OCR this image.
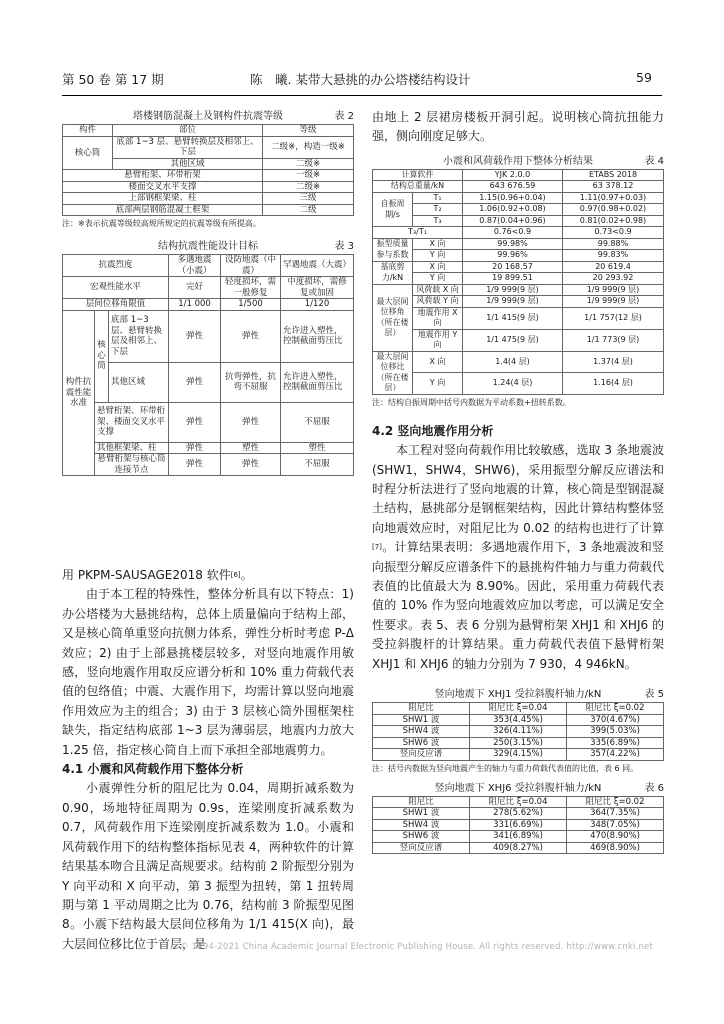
第 50 卷 第 17 期	陈　曦. 某带大悬挑的办公塔楼结构设计	59
塔楼钢筋混凝土及钢构件抗震等级	表 2
构件	部位	等级
核心筒	底部 1~3 层、悬臂转换层及相邻上、下层	二级※，构造一级※
	其他区域	二级※
悬臂桁架、环带桁架		一级※
楼面交叉水平支撑		二级※
上部钢框架梁、柱		三级
底部两层钢筋混凝土框架		二级
注：※表示抗震等级较高规所规定的抗震等级有所提高。
结构抗震性能设计目标	表 3
抗震烈度			多遇地震（小震）	设防地震（中震）	罕遇地震（大震）
宏观性能水平			完好	轻度损坏，需一般修复	中度损坏，需修复或加固
层间位移角限值			1/1 000	1/500	1/120
构件抗震性能水准	核心筒	底部 1~3 层、悬臂转换层及相邻上、下层	弹性	弹性	允许进入塑性，控制截面剪压比
		其他区域	弹性	抗弯弹性，抗弯不屈服	允许进入塑性，控制截面剪压比
	悬臂桁架、环带桁架、楼面交叉水平支撑		弹性	弹性	不屈服
	其他框架梁、柱		弹性	塑性	塑性
	悬臂桁架与核心筒连接节点		弹性	弹性	不屈服

用 PKPM-SAUSAGE2018 软件[6]。

由于本工程的特殊性，整体分析具有以下特点：1) 办公塔楼为大悬挑结构，总体上质量偏向于结构上部，又是核心筒单重竖向抗侧力体系，弹性分析时考虑 P-Δ 效应；2) 由于上部悬挑楼层较多，对竖向地震作用敏感，竖向地震作用取反应谱分析和 10% 重力荷载代表值的包络值；中震、大震作用下，均需计算以竖向地震作用效应为主的组合；3) 由于 3 层核心筒外围框架柱缺失，指定结构底部 1~3 层为薄弱层，地震内力放大 1.25 倍，指定核心筒自上而下承担全部地震剪力。

4.1 小震和风荷载作用下整体分析

小震弹性分析的阻尼比为 0.04，周期折减系数为 0.90，场地特征周期为 0.9s，连梁刚度折减系数为 0.7，风荷载作用下连梁刚度折减系数为 1.0。小震和风荷载作用下的结构整体指标见表 4，两种软件的计算结果基本吻合且满足高规要求。结构前 2 阶振型分别为 Y 向平动和 X 向平动，第 3 振型为扭转，第 1 扭转周期与第 1 平动周期之比为 0.76，结构前 3 阶振型见图 8。小震下结构最大层间位移角为 1/1 415(X 向)，最大层间位移比位于首层，是

由地上 2 层裙房楼板开洞引起。说明核心筒抗扭能力强，侧向刚度足够大。

小震和风荷载作用下整体分析结果	表 4
计算软件		YJK 2.0.0	ETABS 2018
结构总重量/kN		643 676.59	63 378.12
自振周期/s	T₁	1.15(0.96+0.04)	1.11(0.97+0.03)
	T₂	1.06(0.92+0.08)	0.97(0.98+0.02)
	T₃	0.87(0.04+0.96)	0.81(0.02+0.98)
T₃/T₁		0.76<0.9	0.73<0.9
振型质量参与系数	X 向	99.98%	99.88%
	Y 向	99.96%	99.83%
基底剪力/kN	X 向	20 168.57	20 619.4
	Y 向	19 899.51	20 293.92
最大层间位移角（所在楼层）	风荷载 X 向	1/9 999(9 层)	1/9 999(9 层)
	风荷载 Y 向	1/9 999(9 层)	1/9 999(9 层)
	地震作用 X 向	1/1 415(9 层)	1/1 757(12 层)
	地震作用 Y 向	1/1 475(9 层)	1/1 773(9 层)
最大层间位移比（所在楼层）	X 向	1.4(4 层)	1.37(4 层)
	Y 向	1.24(4 层)	1.16(4 层)
注：结构自振周期中括号内数据为平动系数+扭转系数。
4.2 竖向地震作用分析

本工程对竖向荷载作用比较敏感，选取 3 条地震波(SHW1，SHW4，SHW6)，采用振型分解反应谱法和时程分析法进行了竖向地震的计算，核心筒是型钢混凝土结构，悬挑部分是钢框架结构，因此计算结构整体竖向地震效应时，对阻尼比为 0.02 的结构也进行了计算[7]。计算结果表明：多遇地震作用下，3 条地震波和竖向振型分解反应谱条件下的悬挑构件轴力与重力荷载代表值的比值最大为 8.90%。因此，采用重力荷载代表值的 10% 作为竖向地震效应加以考虑，可以满足安全性要求。表 5、表 6 分别为悬臂桁架 XHJ1 和 XHJ6 的受拉斜腹杆的计算结果。重力荷载代表值下悬臂桁架 XHJ1 和 XHJ6 的轴力分别为 7 930，4 946kN。

竖向地震下 XHJ1 受拉斜腹杆轴力/kN	表 5
阻尼比	阻尼比 ξ=0.04	阻尼比 ξ=0.02
SHW1 波	353(4.45%)	370(4.67%)
SHW4 波	326(4.11%)	399(5.03%)
SHW6 波	250(3.15%)	335(6.89%)
竖向反应谱	329(4.15%)	357(4.22%)
注：括号内数据为竖向地震产生的轴力与重力荷载代表值的比值，表 6 同。
竖向地震下 XHJ6 受拉斜腹杆轴力/kN	表 6
阻尼比	阻尼比 ξ=0.04	阻尼比 ξ=0.02
SHW1 波	278(5.62%)	364(7.35%)
SHW4 波	331(6.69%)	348(7.05%)
SHW6 波	341(6.89%)	470(8.90%)
竖向反应谱	409(8.27%)	469(8.90%)
© 1994-2021 China Academic Journal Electronic Publishing House. All rights reserved. http://www.cnki.net
